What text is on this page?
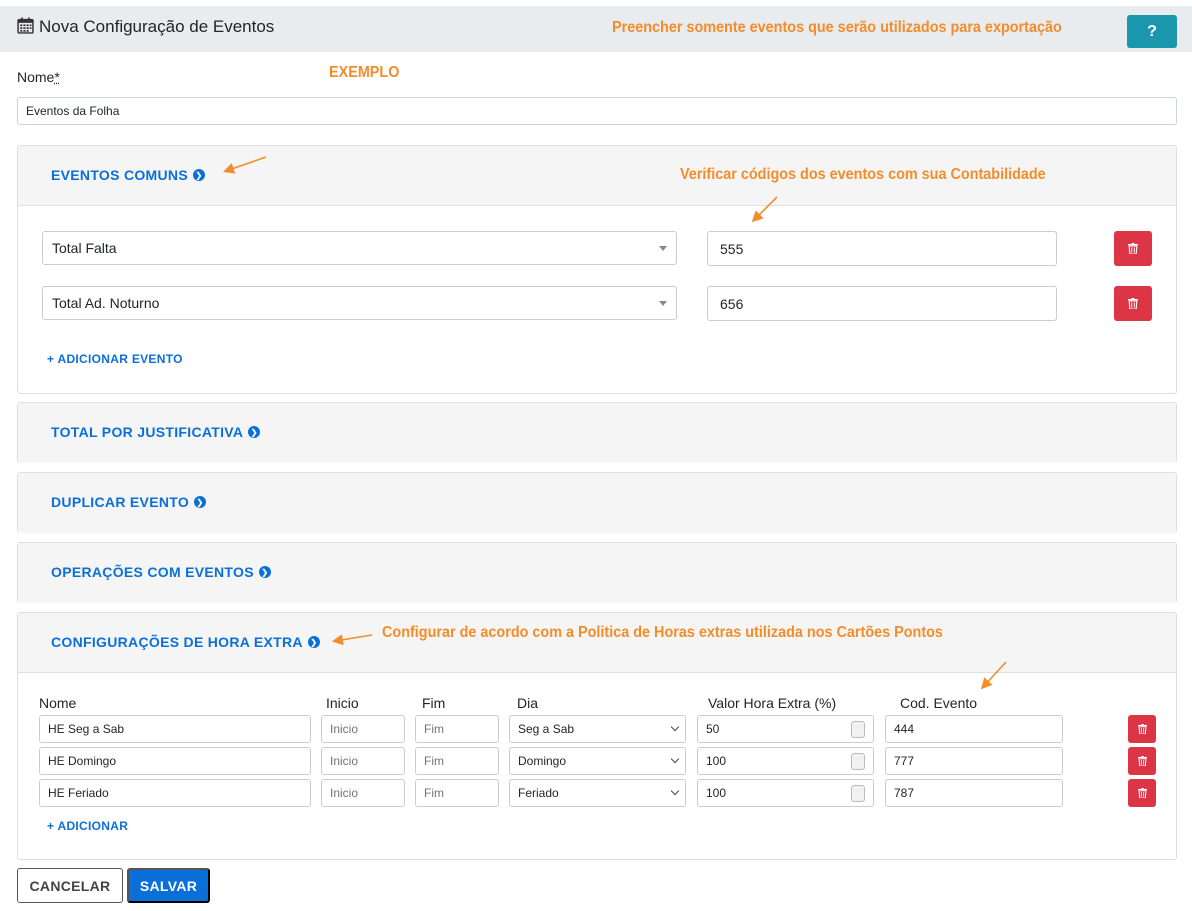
Nova Configuração de Eventos	Preencher somente eventos que serão utilizados para exportação	?
Nome*	EXEMPLO
Eventos da Folha
EVENTOS COMUNS ❯
Total Falta	555
Total Ad. Noturno	656
+ ADICIONAR EVENTO
Verificar códigos dos eventos com sua Contabilidade
TOTAL POR JUSTIFICATIVA ❯
DUPLICAR EVENTO ❯
OPERAÇÕES COM EVENTOS ❯
CONFIGURAÇÕES DE HORA EXTRA ❯
Nome	Inicio	Fim	Dia	Valor Hora Extra (%)	Cod. Evento
HE Seg a Sab	Inicio	Fim	Seg a Sab	50	444
HE Domingo	Inicio	Fim	Domingo	100	777
HE Feriado	Inicio	Fim	Feriado	100	787
+ ADICIONAR
Configurar de acordo com a Politica de Horas extras utilizada nos Cartões Pontos
CANCELAR	SALVAR
